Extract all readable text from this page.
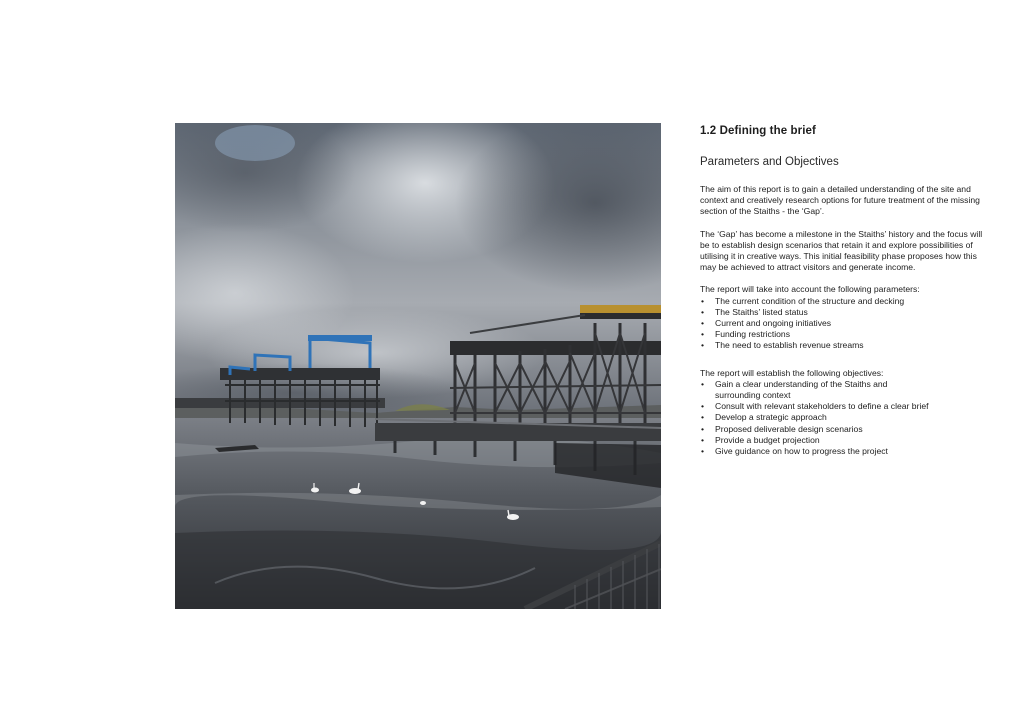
1.2 Defining the brief
Parameters and Objectives

The aim of this report is to gain a detailed understanding of the site and context and creatively research options for future treatment of the missing section of the Staiths - the ‘Gap’.

The ‘Gap’ has become a milestone in the Staiths’ history and the focus will be to establish design scenarios that retain it and explore possibilities of utilising it in creative ways. This initial feasibility phase proposes how this may be achieved to attract visitors and generate income.

The report will take into account the following parameters:

• The current condition of the structure and decking
• The Staiths’ listed status
• Current and ongoing initiatives
• Funding restrictions
• The need to establish revenue streams

The report will establish the following objectives:

• Gain a clear understanding of the Staiths and surrounding context
• Consult with relevant stakeholders to define a clear brief
• Develop a strategic approach
• Proposed deliverable design scenarios
• Provide a budget projection
• Give guidance on how to progress the project
